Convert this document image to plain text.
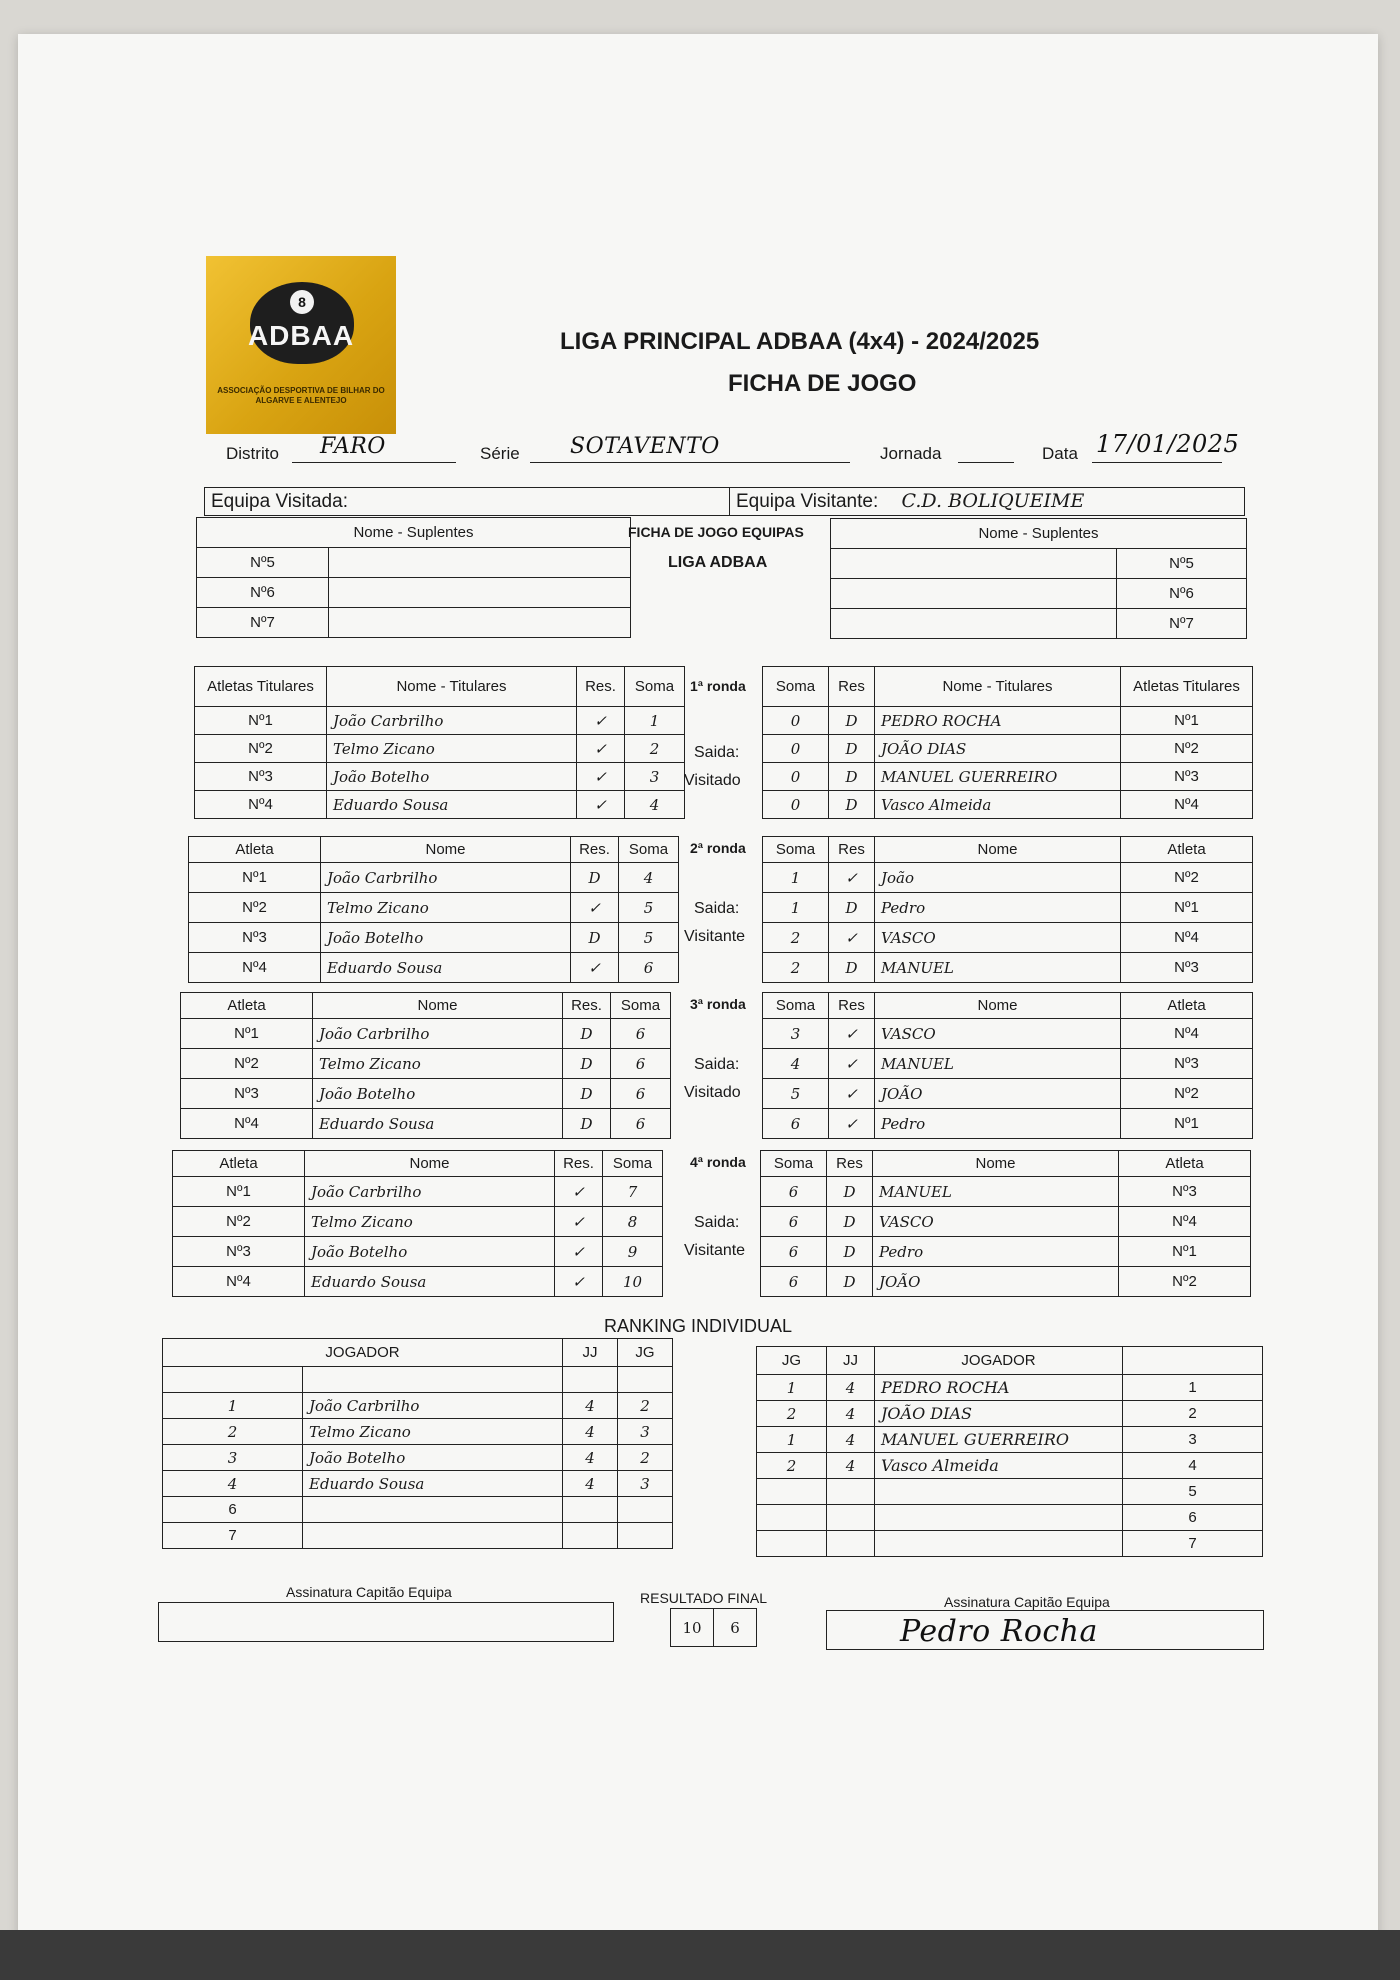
8
ADBAA
ASSOCIAÇÃO DESPORTIVA DE BILHAR DO ALGARVE E ALENTEJO
LIGA PRINCIPAL ADBAA (4x4) - 2024/2025
FICHA DE JOGO
Distrito FARO	Série SOTAVENTO	Jornada	Data 17/01/2025
Equipa Visitada:	Equipa Visitante: C.D. BOLIQUEIME
Nome - Suplentes	
Nº5	
Nº6	
Nº7	
FICHA DE JOGO EQUIPAS
LIGA ADBAA
Nome - Suplentes	
	Nº5
	Nº6
	Nº7
Atletas Titulares	Nome - Titulares	Res.	Soma
Nº1	João Carbrilho	✓	1
Nº2	Telmo Zicano	✓	2
Nº3	João Botelho	✓	3
Nº4	Eduardo Sousa	✓	4
Soma	Res	Nome - Titulares	Atletas Titulares
0	D	PEDRO ROCHA	Nº1
0	D	JOÃO DIAS	Nº2
0	D	MANUEL GUERREIRO	Nº3
0	D	Vasco Almeida	Nº4
1ª ronda
Saida:
Visitado
Atleta	Nome	Res.	Soma
Nº1	João Carbrilho	D	4
Nº2	Telmo Zicano	✓	5
Nº3	João Botelho	D	5
Nº4	Eduardo Sousa	✓	6
Soma	Res	Nome	Atleta
1	✓	João	Nº2
1	D	Pedro	Nº1
2	✓	VASCO	Nº4
2	D	MANUEL	Nº3
2ª ronda
Saida:
Visitante
Atleta	Nome	Res.	Soma
Nº1	João Carbrilho	D	6
Nº2	Telmo Zicano	D	6
Nº3	João Botelho	D	6
Nº4	Eduardo Sousa	D	6
Soma	Res	Nome	Atleta
3	✓	VASCO	Nº4
4	✓	MANUEL	Nº3
5	✓	JOÃO	Nº2
6	✓	Pedro	Nº1
3ª ronda
Saida:
Visitado
Atleta	Nome	Res.	Soma
Nº1	João Carbrilho	✓	7
Nº2	Telmo Zicano	✓	8
Nº3	João Botelho	✓	9
Nº4	Eduardo Sousa	✓	10
Soma	Res	Nome	Atleta
6	D	MANUEL	Nº3
6	D	VASCO	Nº4
6	D	Pedro	Nº1
6	D	JOÃO	Nº2
4ª ronda
Saida:
Visitante
RANKING INDIVIDUAL
JOGADOR		JJ	JG

1	João Carbrilho	4	2
2	Telmo Zicano	4	3
3	João Botelho	4	2
4	Eduardo Sousa	4	3
6			
7			
JG	JJ	JOGADOR	
1	4	PEDRO ROCHA	1
2	4	JOÃO DIAS	2
1	4	MANUEL GUERREIRO	3
2	4	Vasco Almeida	4
			5
			6
			7
Assinatura Capitão Equipa	RESULTADO FINAL
10	6
Assinatura Capitão Equipa
Pedro Rocha
